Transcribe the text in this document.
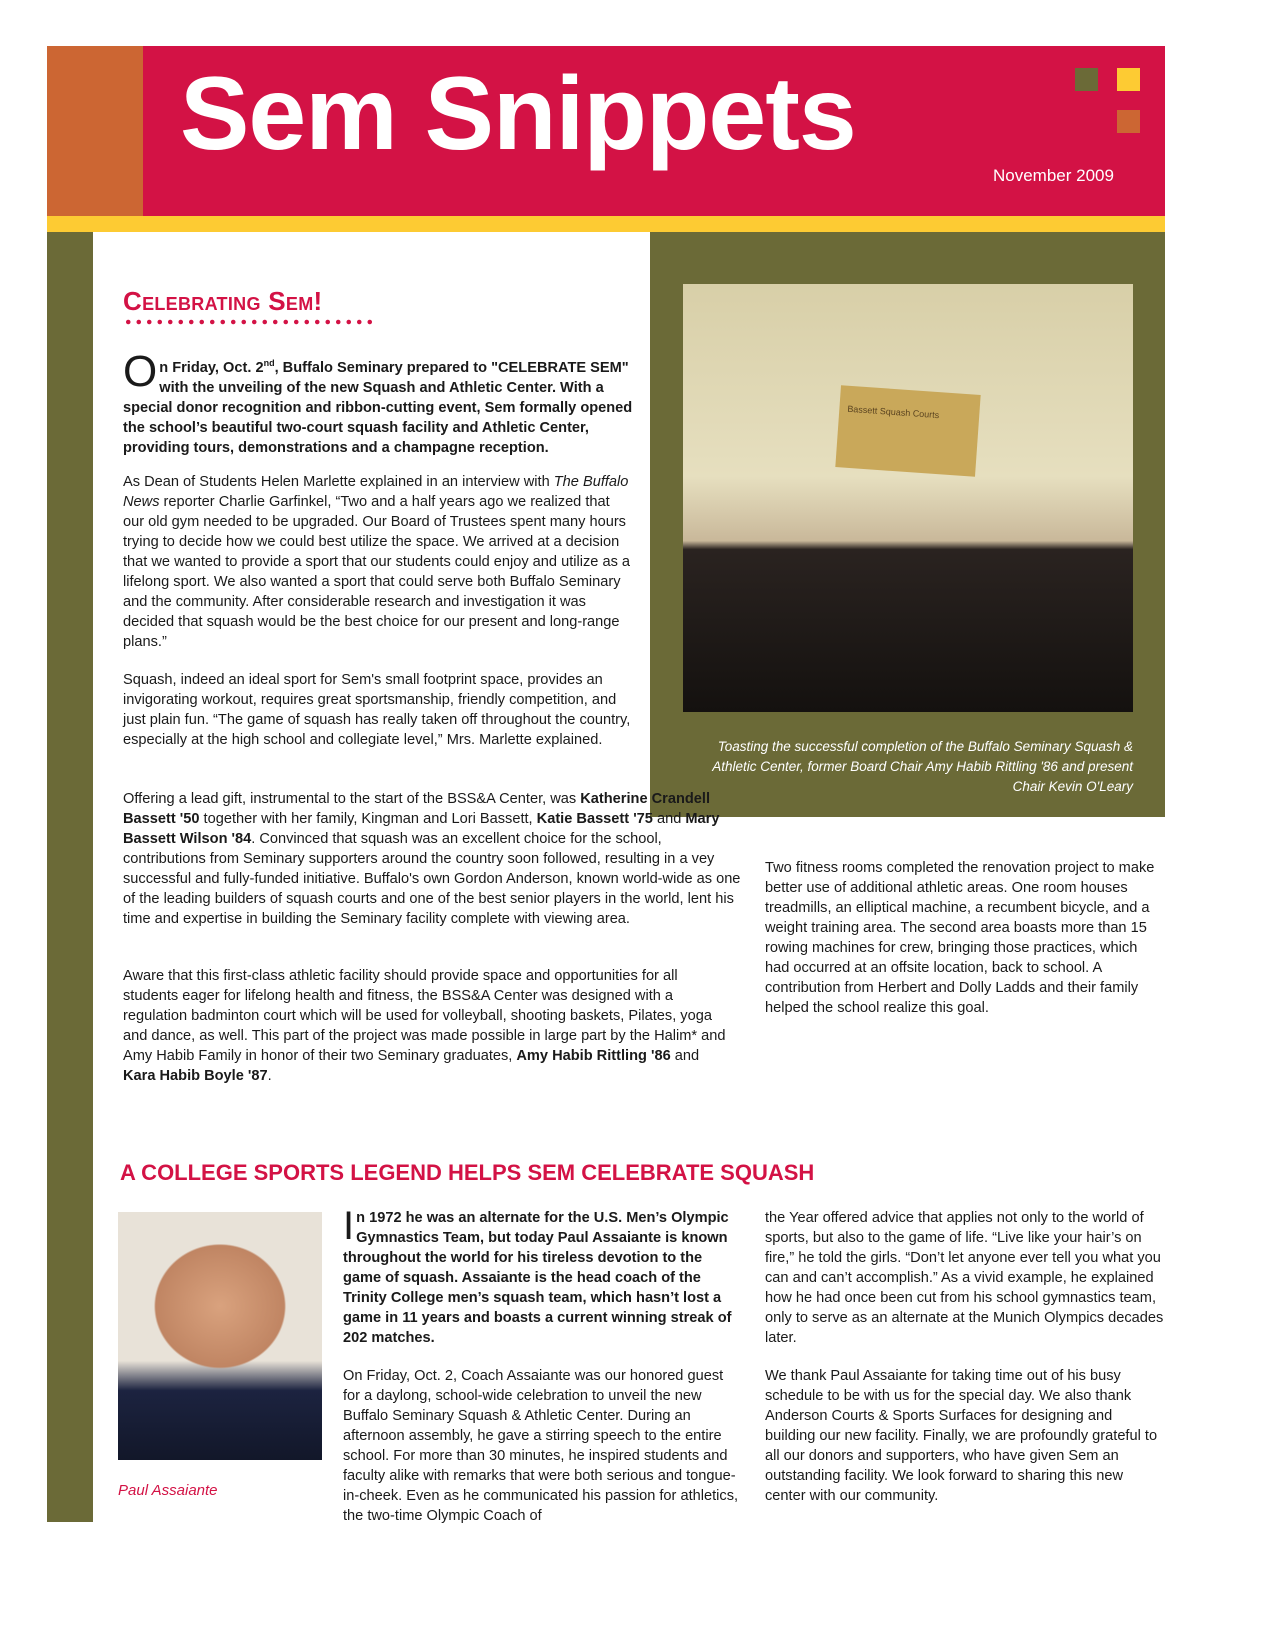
Sem Snippets
November 2009
Bassett Squash Courts
Toasting the successful completion of the Buffalo Seminary Squash & Athletic Center, former Board Chair Amy Habib Rittling '86 and present Chair Kevin O'Leary
Celebrating Sem!
On Friday, Oct. 2nd, Buffalo Seminary prepared to "CELEBRATE SEM" with the unveiling of the new Squash and Athletic Center. With a special donor recognition and ribbon-cutting event, Sem formally opened the school’s beautiful two-court squash facility and Athletic Center, providing tours, demonstrations and a champagne reception.

As Dean of Students Helen Marlette explained in an interview with The Buffalo News reporter Charlie Garfinkel, “Two and a half years ago we realized that our old gym needed to be upgraded. Our Board of Trustees spent many hours trying to decide how we could best utilize the space. We arrived at a decision that we wanted to provide a sport that our students could enjoy and utilize as a lifelong sport. We also wanted a sport that could serve both Buffalo Seminary and the community. After considerable research and investigation it was decided that squash would be the best choice for our present and long-range plans.”

Squash, indeed an ideal sport for Sem's small footprint space, provides an invigorating workout, requires great sportsmanship, friendly competition, and just plain fun. “The game of squash has really taken off throughout the country, especially at the high school and collegiate level,” Mrs. Marlette explained.

Offering a lead gift, instrumental to the start of the BSS&A Center, was Katherine Crandell Bassett '50 together with her family, Kingman and Lori Bassett, Katie Bassett '75 and Mary Bassett Wilson '84. Convinced that squash was an excellent choice for the school, contributions from Seminary supporters around the country soon followed, resulting in a vey successful and fully-funded initiative. Buffalo's own Gordon Anderson, known world-wide as one of the leading builders of squash courts and one of the best senior players in the world, lent his time and expertise in building the Seminary facility complete with viewing area.

Aware that this first-class athletic facility should provide space and opportunities for all students eager for lifelong health and fitness, the BSS&A Center was designed with a regulation badminton court which will be used for volleyball, shooting baskets, Pilates, yoga and dance, as well. This part of the project was made possible in large part by the Halim* and Amy Habib Family in honor of their two Seminary graduates, Amy Habib Rittling '86 and Kara Habib Boyle '87.

Two fitness rooms completed the renovation project to make better use of additional athletic areas. One room houses treadmills, an elliptical machine, a recumbent bicycle, and a weight training area. The second area boasts more than 15 rowing machines for crew, bringing those practices, which had occurred at an offsite location, back to school. A contribution from Herbert and Dolly Ladds and their family helped the school realize this goal.

A COLLEGE SPORTS LEGEND HELPS SEM CELEBRATE SQUASH
Paul Assaiante
In 1972 he was an alternate for the U.S. Men’s Olympic Gymnastics Team, but today Paul Assaiante is known throughout the world for his tireless devotion to the game of squash. Assaiante is the head coach of the Trinity College men’s squash team, which hasn’t lost a game in 11 years and boasts a current winning streak of 202 matches.

On Friday, Oct. 2, Coach Assaiante was our honored guest for a daylong, school-wide celebration to unveil the new Buffalo Seminary Squash & Athletic Center. During an afternoon assembly, he gave a stirring speech to the entire school. For more than 30 minutes, he inspired students and faculty alike with remarks that were both serious and tongue-in-cheek. Even as he communicated his passion for athletics, the two-time Olympic Coach of

the Year offered advice that applies not only to the world of sports, but also to the game of life. “Live like your hair’s on fire,” he told the girls. “Don’t let anyone ever tell you what you can and can’t accomplish.” As a vivid example, he explained how he had once been cut from his school gymnastics team, only to serve as an alternate at the Munich Olympics decades later.

We thank Paul Assaiante for taking time out of his busy schedule to be with us for the special day. We also thank Anderson Courts & Sports Surfaces for designing and building our new facility. Finally, we are profoundly grateful to all our donors and supporters, who have given Sem an outstanding facility. We look forward to sharing this new center with our community.
